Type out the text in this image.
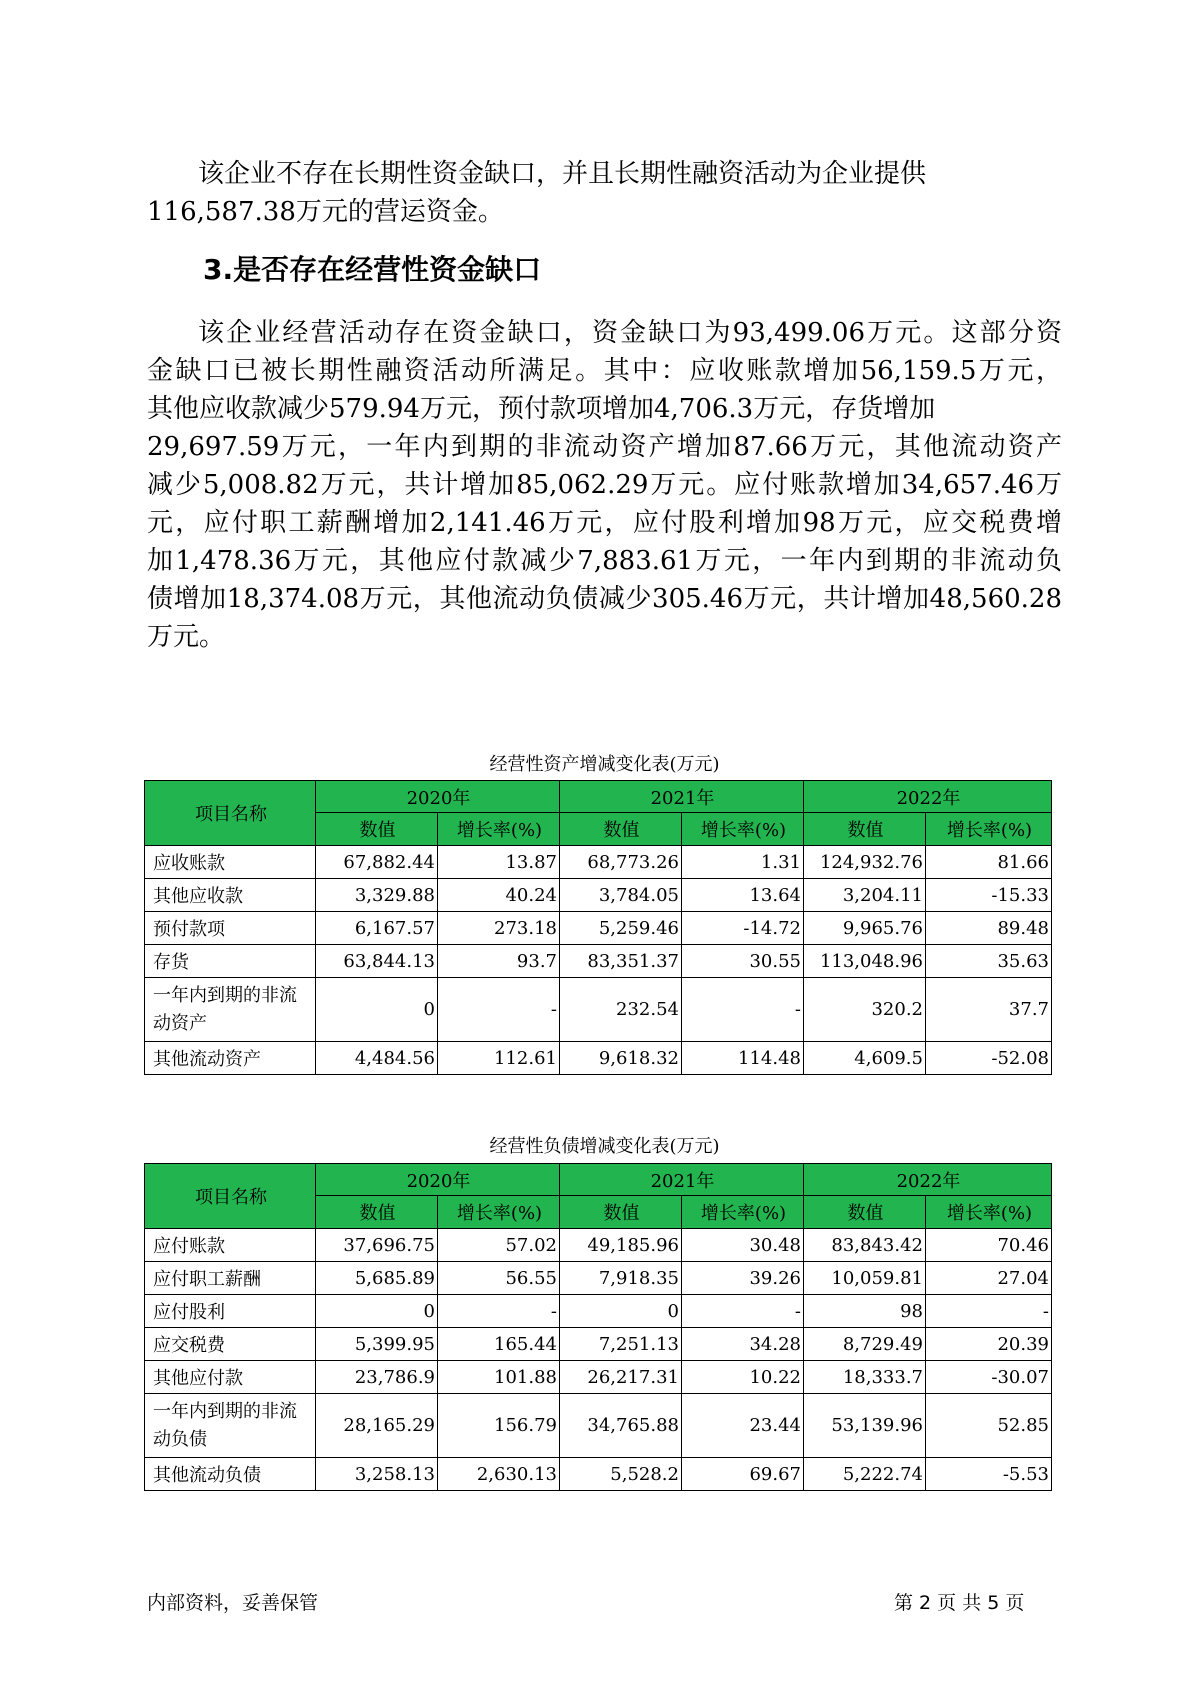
该企业不存在长期性资金缺口，并且长期性融资活动为企业提供
116,587.38万元的营运资金。
3.是否存在经营性资金缺口
该企业经营活动存在资金缺口，资金缺口为93,499.06万元。这部分资
金缺口已被长期性融资活动所满足。其中：应收账款增加56,159.5万元，
其他应收款减少579.94万元，预付款项增加4,706.3万元，存货增加
29,697.59万元，一年内到期的非流动资产增加87.66万元，其他流动资产
减少5,008.82万元，共计增加85,062.29万元。应付账款增加34,657.46万
元，应付职工薪酬增加2,141.46万元，应付股利增加98万元，应交税费增
加1,478.36万元，其他应付款减少7,883.61万元，一年内到期的非流动负
债增加18,374.08万元，其他流动负债减少305.46万元，共计增加48,560.28
万元。
经营性资产增减变化表(万元)
项目名称	2020年		2021年		2022年	
	数值	增长率(%)	数值	增长率(%)	数值	增长率(%)
应收账款	67,882.44	13.87	68,773.26	1.31	124,932.76	81.66
其他应收款	3,329.88	40.24	3,784.05	13.64	3,204.11	-15.33
预付款项	6,167.57	273.18	5,259.46	-14.72	9,965.76	89.48
存货	63,844.13	93.7	83,351.37	30.55	113,048.96	35.63
一年内到期的非流动资产	0	-	232.54	-	320.2	37.7
其他流动资产	4,484.56	112.61	9,618.32	114.48	4,609.5	-52.08
经营性负债增减变化表(万元)
项目名称	2020年		2021年		2022年	
	数值	增长率(%)	数值	增长率(%)	数值	增长率(%)
应付账款	37,696.75	57.02	49,185.96	30.48	83,843.42	70.46
应付职工薪酬	5,685.89	56.55	7,918.35	39.26	10,059.81	27.04
应付股利	0	-	0	-	98	-
应交税费	5,399.95	165.44	7,251.13	34.28	8,729.49	20.39
其他应付款	23,786.9	101.88	26,217.31	10.22	18,333.7	-30.07
一年内到期的非流动负债	28,165.29	156.79	34,765.88	23.44	53,139.96	52.85
其他流动负债	3,258.13	2,630.13	5,528.2	69.67	5,222.74	-5.53
内部资料，妥善保管	第 2 页 共 5 页
